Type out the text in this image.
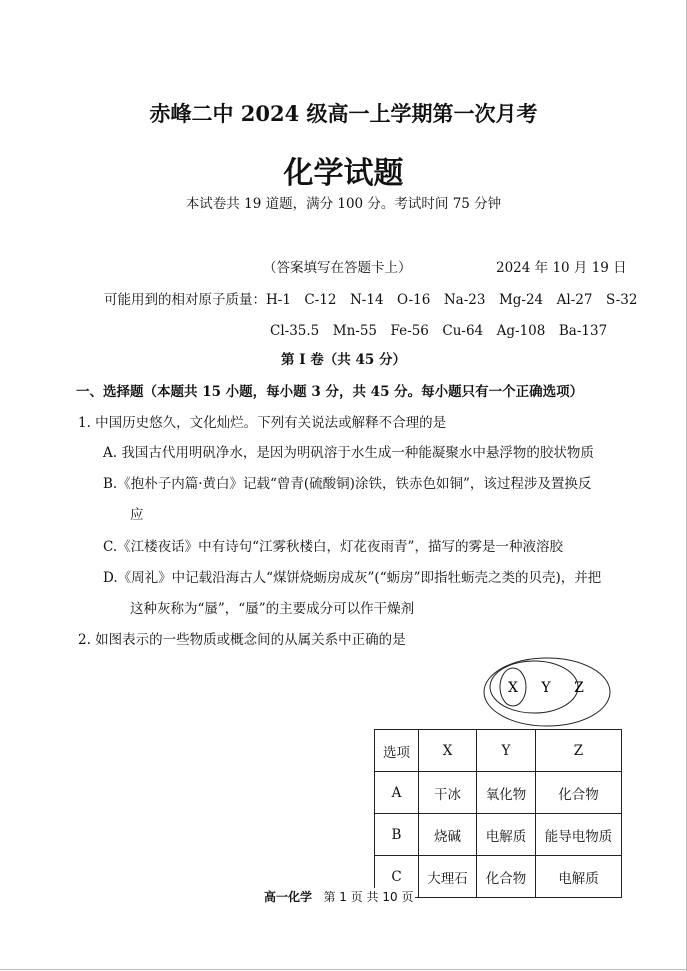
赤峰二中 2024 级高一上学期第一次月考
化学试题
本试卷共 19 道题，满分 100 分。考试时间 75 分钟
（答案填写在答题卡上）	2024 年 10 月 19 日
可能用到的相对原子质量：H-1　C-12　N-14　O-16　Na-23　Mg-24　Al-27　S-32
Cl-35.5　Mn-55　Fe-56　Cu-64　Ag-108　Ba-137
第 I 卷（共 45 分）
一、选择题（本题共 15 小题，每小题 3 分，共 45 分。每小题只有一个正确选项）
1. 中国历史悠久，文化灿烂。下列有关说法或解释不合理的是
A. 我国古代用明矾净水，是因为明矾溶于水生成一种能凝聚水中悬浮物的胶状物质
B.《抱朴子内篇·黄白》记载“曾青(硫酸铜)涂铁，铁赤色如铜”，该过程涉及置换反
应
C.《江楼夜话》中有诗句“江雾秋楼白，灯花夜雨青”，描写的雾是一种液溶胶
D.《周礼》中记载沿海古人“煤饼烧蛎房成灰”(“蛎房”即指牡蛎壳之类的贝壳)，并把
这种灰称为“蜃”，“蜃”的主要成分可以作干燥剂
2. 如图表示的一些物质或概念间的从属关系中正确的是
X Y Z
选项	X	Y	Z
A	干冰	氧化物	化合物
B	烧碱	电解质	能导电物质
C	大理石	化合物	电解质
高一化学 第 1 页 共 10 页
